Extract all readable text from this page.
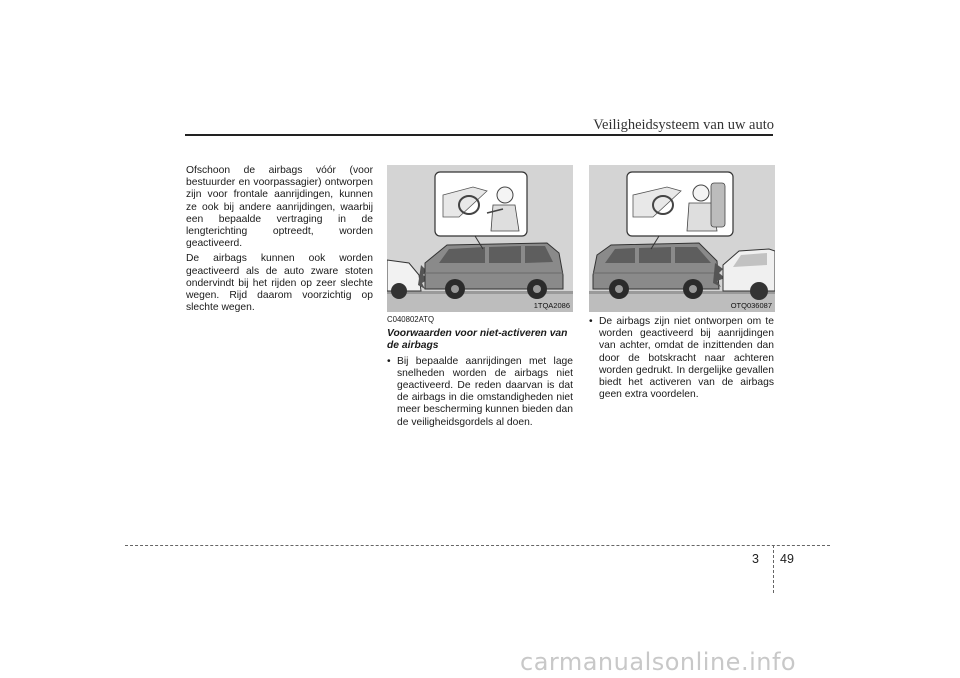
Veiligheidsysteem van uw auto

Ofschoon de airbags vóór (voor bestuurder en voorpassagier) ontworpen zijn voor frontale aanrijdingen, kunnen ze ook bij andere aanrijdingen, waarbij een bepaalde vertraging in de lengterichting optreedt, worden geactiveerd.

De airbags kunnen ook worden geactiveerd als de auto zware stoten ondervindt bij het rijden op zeer slechte wegen. Rijd daarom voorzichtig op slechte wegen.	1TQA2086	OTQ036087
C040802ATQ
Voorwaarden voor niet-activeren van
de airbags
• Bij bepaalde aanrijdingen met lage snelheden worden de airbags niet geactiveerd. De reden daarvan is dat de airbags in die omstandigheden niet meer bescherming kunnen bieden dan de veiligheidsgordels al doen.

• De airbags zijn niet ontworpen om te worden geactiveerd bij aanrijdingen van achter, omdat de inzittenden dan door de botskracht naar achteren worden gedrukt. In dergelijke gevallen biedt het activeren van de airbags geen extra voordelen.

3 49
carmanualsonline.info
